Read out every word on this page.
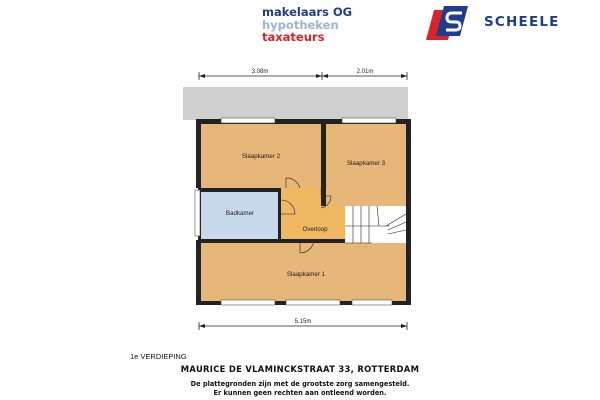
makelaars OG
hypotheken
taxateurs
SCHEELE
3.08m	2.01m
5.15m
Slaapkamer 2
Slaapkamer 3
Badkamer
Overloop
Slaapkamer 1
1e VERDIEPING
MAURICE DE VLAMINCKSTRAAT 33, ROTTERDAM
De plattegronden zijn met de grootste zorg samengesteld.
Er kunnen geen rechten aan ontleend worden.
